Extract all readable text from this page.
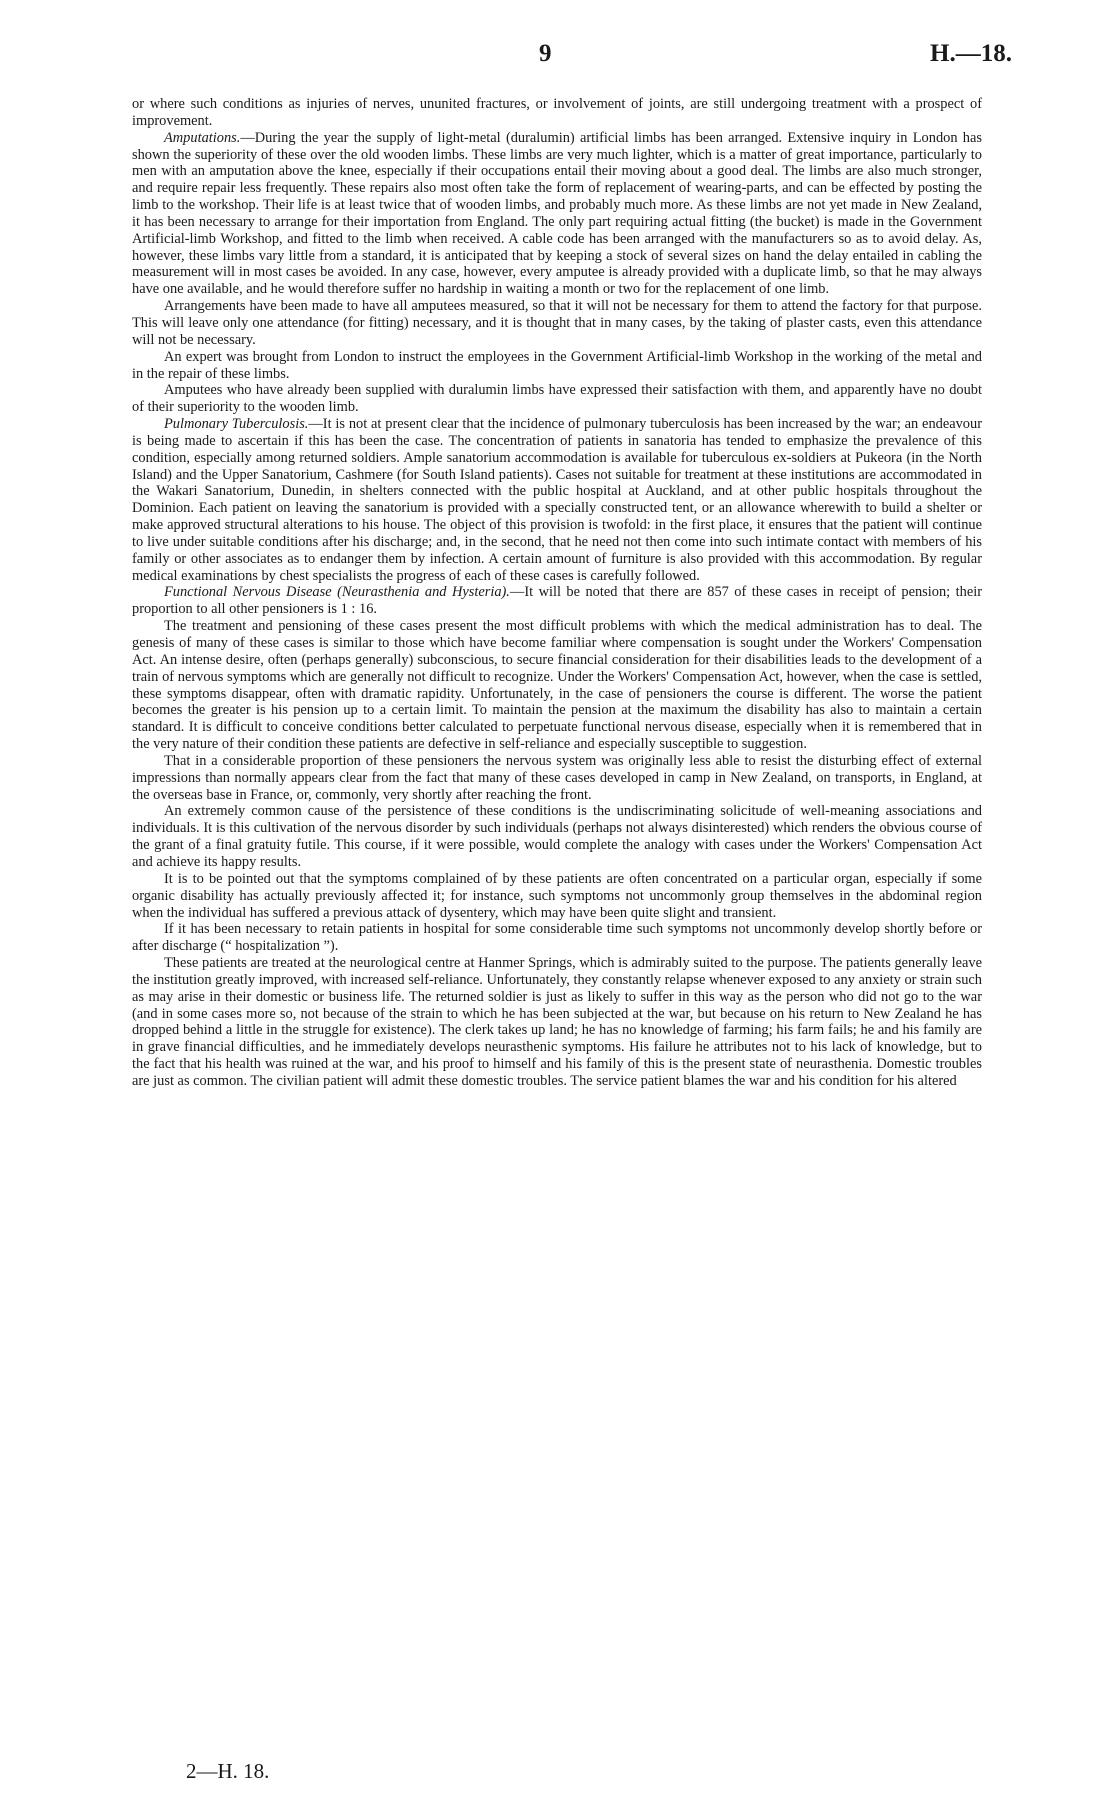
9	H.—18.

or where such conditions as injuries of nerves, ununited fractures, or involvement of joints, are still undergoing treatment with a prospect of improvement.

Amputations.—During the year the supply of light-metal (duralumin) artificial limbs has been arranged. Extensive inquiry in London has shown the superiority of these over the old wooden limbs. These limbs are very much lighter, which is a matter of great importance, particularly to men with an amputation above the knee, especially if their occupations entail their moving about a good deal. The limbs are also much stronger, and require repair less frequently. These repairs also most often take the form of replacement of wearing-parts, and can be effected by posting the limb to the workshop. Their life is at least twice that of wooden limbs, and probably much more. As these limbs are not yet made in New Zealand, it has been necessary to arrange for their importation from England. The only part requiring actual fitting (the bucket) is made in the Government Artificial-limb Workshop, and fitted to the limb when received. A cable code has been arranged with the manufacturers so as to avoid delay. As, however, these limbs vary little from a standard, it is anticipated that by keeping a stock of several sizes on hand the delay entailed in cabling the measurement will in most cases be avoided. In any case, however, every amputee is already provided with a duplicate limb, so that he may always have one available, and he would therefore suffer no hardship in waiting a month or two for the replacement of one limb.

Arrangements have been made to have all amputees measured, so that it will not be necessary for them to attend the factory for that purpose. This will leave only one attendance (for fitting) necessary, and it is thought that in many cases, by the taking of plaster casts, even this attendance will not be necessary.

An expert was brought from London to instruct the employees in the Government Artificial-limb Workshop in the working of the metal and in the repair of these limbs.

Amputees who have already been supplied with duralumin limbs have expressed their satisfaction with them, and apparently have no doubt of their superiority to the wooden limb.

Pulmonary Tuberculosis.—It is not at present clear that the incidence of pulmonary tuberculosis has been increased by the war; an endeavour is being made to ascertain if this has been the case. The concentration of patients in sanatoria has tended to emphasize the prevalence of this condition, especially among returned soldiers. Ample sanatorium accommodation is available for tuberculous ex-soldiers at Pukeora (in the North Island) and the Upper Sanatorium, Cashmere (for South Island patients). Cases not suitable for treatment at these institutions are accommodated in the Wakari Sanatorium, Dunedin, in shelters connected with the public hospital at Auckland, and at other public hospitals throughout the Dominion. Each patient on leaving the sanatorium is provided with a specially constructed tent, or an allowance wherewith to build a shelter or make approved structural alterations to his house. The object of this provision is twofold: in the first place, it ensures that the patient will continue to live under suitable conditions after his discharge; and, in the second, that he need not then come into such intimate contact with members of his family or other associates as to endanger them by infection. A certain amount of furniture is also provided with this accommodation. By regular medical examinations by chest specialists the progress of each of these cases is carefully followed.

Functional Nervous Disease (Neurasthenia and Hysteria).—It will be noted that there are 857 of these cases in receipt of pension; their proportion to all other pensioners is 1 : 16.

The treatment and pensioning of these cases present the most difficult problems with which the medical administration has to deal. The genesis of many of these cases is similar to those which have become familiar where compensation is sought under the Workers' Compensation Act. An intense desire, often (perhaps generally) subconscious, to secure financial consideration for their disabilities leads to the development of a train of nervous symptoms which are generally not difficult to recognize. Under the Workers' Compensation Act, however, when the case is settled, these symptoms disappear, often with dramatic rapidity. Unfortunately, in the case of pensioners the course is different. The worse the patient becomes the greater is his pension up to a certain limit. To maintain the pension at the maximum the disability has also to maintain a certain standard. It is difficult to conceive conditions better calculated to perpetuate functional nervous disease, especially when it is remembered that in the very nature of their condition these patients are defective in self-reliance and especially susceptible to suggestion.

That in a considerable proportion of these pensioners the nervous system was originally less able to resist the disturbing effect of external impressions than normally appears clear from the fact that many of these cases developed in camp in New Zealand, on transports, in England, at the overseas base in France, or, commonly, very shortly after reaching the front.

An extremely common cause of the persistence of these conditions is the undiscriminating solicitude of well-meaning associations and individuals. It is this cultivation of the nervous disorder by such individuals (perhaps not always disinterested) which renders the obvious course of the grant of a final gratuity futile. This course, if it were possible, would complete the analogy with cases under the Workers' Compensation Act and achieve its happy results.

It is to be pointed out that the symptoms complained of by these patients are often concentrated on a particular organ, especially if some organic disability has actually previously affected it; for instance, such symptoms not uncommonly group themselves in the abdominal region when the individual has suffered a previous attack of dysentery, which may have been quite slight and transient.

If it has been necessary to retain patients in hospital for some considerable time such symptoms not uncommonly develop shortly before or after discharge (“ hospitalization ”).

These patients are treated at the neurological centre at Hanmer Springs, which is admirably suited to the purpose. The patients generally leave the institution greatly improved, with increased self-reliance. Unfortunately, they constantly relapse whenever exposed to any anxiety or strain such as may arise in their domestic or business life. The returned soldier is just as likely to suffer in this way as the person who did not go to the war (and in some cases more so, not because of the strain to which he has been subjected at the war, but because on his return to New Zealand he has dropped behind a little in the struggle for existence). The clerk takes up land; he has no knowledge of farming; his farm fails; he and his family are in grave financial difficulties, and he immediately develops neurasthenic symptoms. His failure he attributes not to his lack of knowledge, but to the fact that his health was ruined at the war, and his proof to himself and his family of this is the present state of neurasthenia. Domestic troubles are just as common. The civilian patient will admit these domestic troubles. The service patient blames the war and his condition for his altered

2—H. 18.
